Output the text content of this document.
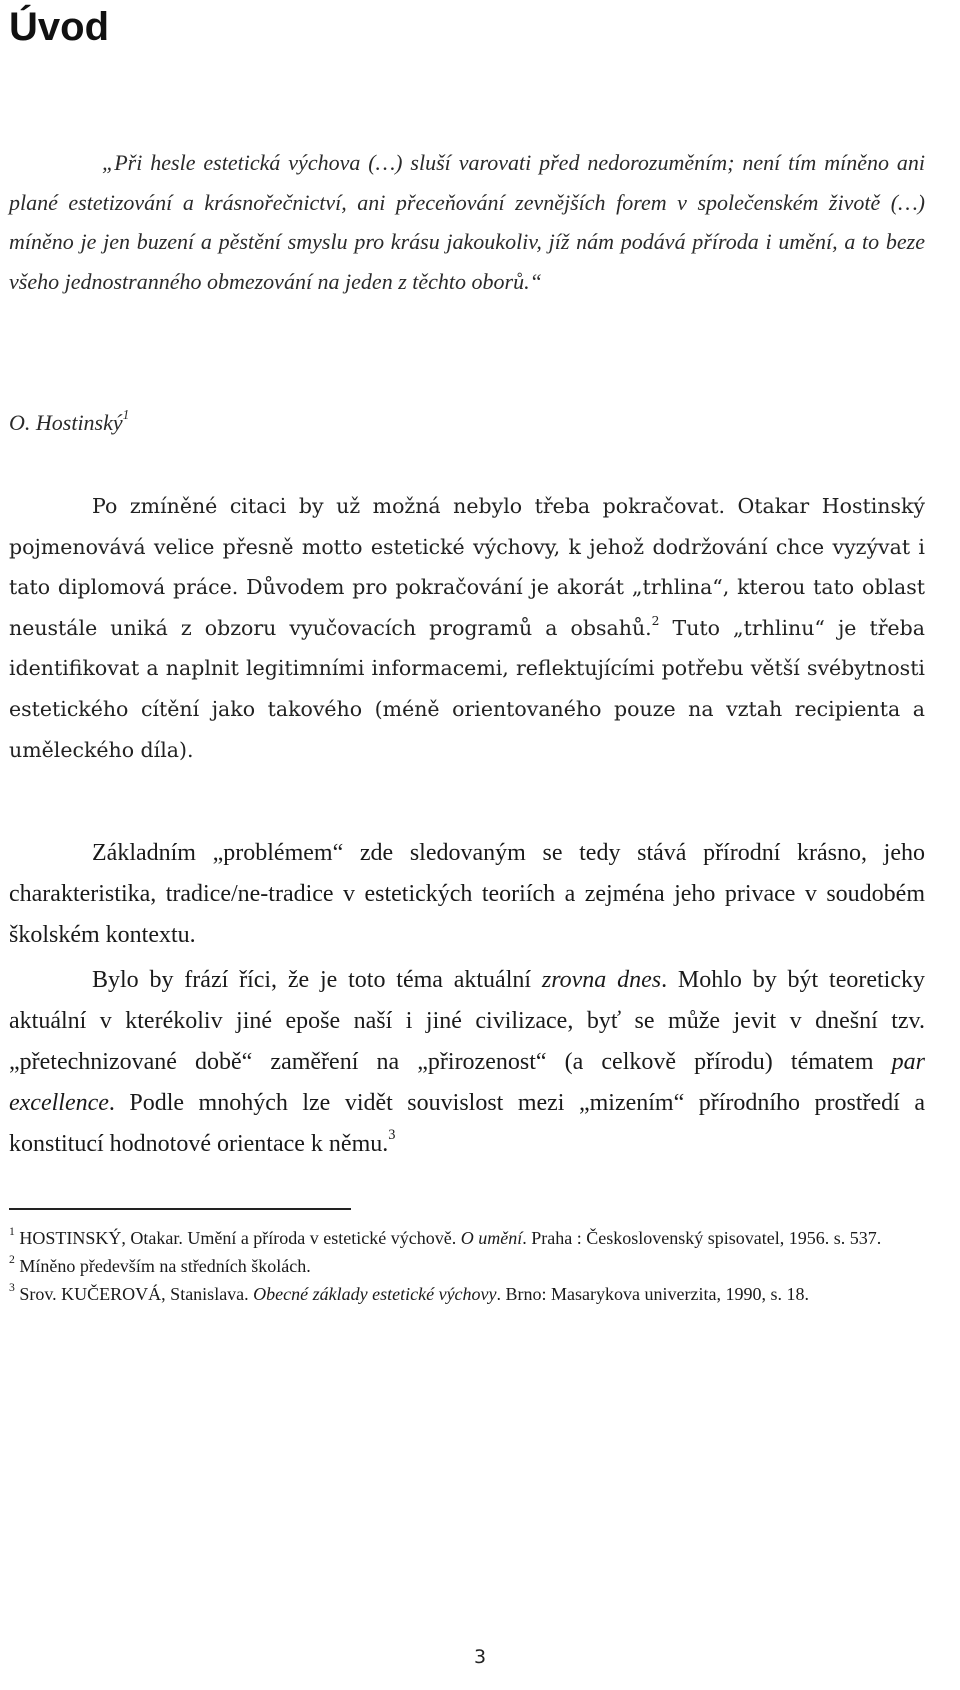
Úvod

„Při hesle estetická výchova (…) sluší varovati před nedorozuměním; není tím míněno ani plané estetizování a krásnořečnictví, ani přeceňování zevnějších forem v společenském životě (…) míněno je jen buzení a pěstění smyslu pro krásu jakoukoliv, jíž nám podává příroda i umění, a to beze všeho jednostranného obmezování na jeden z těchto oborů.“

O. Hostinský$^1$

Po zmíněné citaci by už možná nebylo třeba pokračovat. Otakar Hostinský pojmenovává velice přesně motto estetické výchovy, k jehož dodržování chce vyzývat i tato diplomová práce. Důvodem pro pokračování je akorát „trhlina“, kterou tato oblast neustále uniká z obzoru vyučovacích programů a obsahů.$^2$ Tuto „trhlinu“ je třeba identifikovat a naplnit legitimními informacemi, reflektujícími potřebu větší svébytnosti estetického cítění jako takového (méně orientovaného pouze na vztah recipienta a uměleckého díla).

Základním „problémem“ zde sledovaným se tedy stává přírodní krásno, jeho charakteristika, tradice/ne-tradice v estetických teoriích a zejména jeho privace v soudobém školském kontextu.

Bylo by frází říci, že je toto téma aktuální zrovna dnes. Mohlo by být teoreticky aktuální v kterékoliv jiné epoše naší i jiné civilizace, byť se může jevit v dnešní tzv. „přetechnizované době“ zaměření na „přirozenost“ (a celkově přírodu) tématem par excellence. Podle mnohých lze vidět souvislost mezi „mizením“ přírodního prostředí a konstitucí hodnotové orientace k němu.$^3$

$^1$ HOSTINSKÝ, Otakar. Umění a příroda v estetické výchově. O umění. Praha : Československý spisovatel, 1956. s. 537.

$^2$ Míněno především na středních školách.

$^3$ Srov. KUČEROVÁ, Stanislava. Obecné základy estetické výchovy. Brno: Masarykova univerzita, 1990, s. 18.

3
